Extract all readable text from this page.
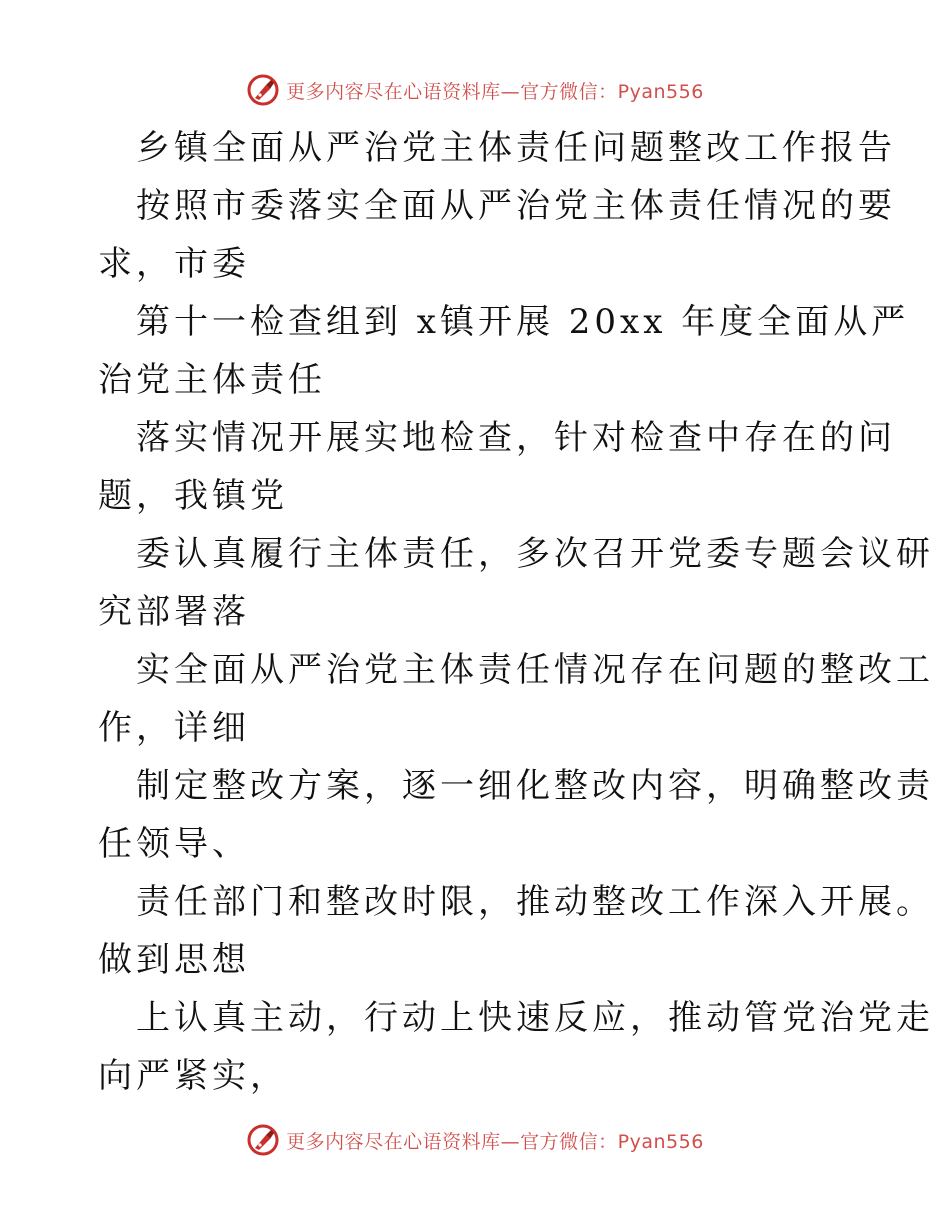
更多内容尽在心语资料库—官方微信：Pyan556
乡镇全面从严治党主体责任问题整改工作报告
按照市委落实全面从严治党主体责任情况的要
求，市委
第十一检查组到 x镇开展 20xx 年度全面从严
治党主体责任
落实情况开展实地检查，针对检查中存在的问
题，我镇党
委认真履行主体责任，多次召开党委专题会议研
究部署落
实全面从严治党主体责任情况存在问题的整改工
作，详细
制定整改方案，逐一细化整改内容，明确整改责
任领导、
责任部门和整改时限，推动整改工作深入开展。
做到思想
上认真主动，行动上快速反应，推动管党治党走
向严紧实，
更多内容尽在心语资料库—官方微信：Pyan556
